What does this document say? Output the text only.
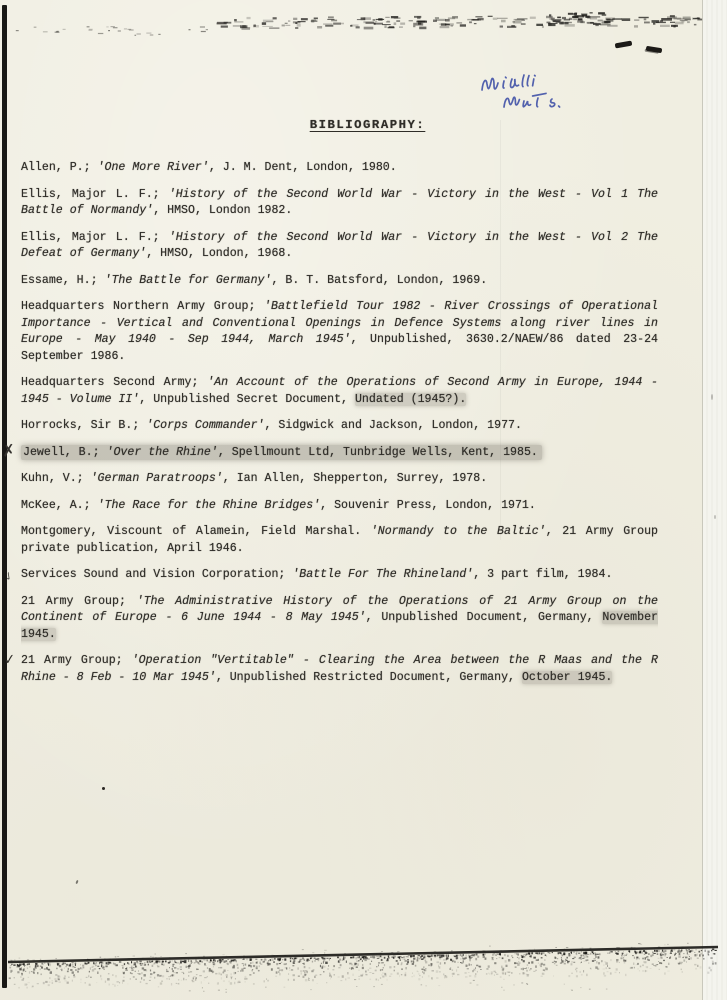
BIBLIOGRAPHY:

Allen, P.; 'One More River', J. M. Dent, London, 1980.

Ellis, Major L. F.; 'History of the Second World War - Victory in the West - Vol 1 The Battle of Normandy', HMSO, London 1982.

Ellis, Major L. F.; 'History of the Second World War - Victory in the West - Vol 2 The Defeat of Germany', HMSO, London, 1968.

Essame, H.; 'The Battle for Germany', B. T. Batsford, London, 1969.

Headquarters Northern Army Group; 'Battlefield Tour 1982 - River Crossings of Operational Importance - Vertical and Conventional Openings in Defence Systems along river lines in Europe - May 1940 - Sep 1944, March 1945', Unpublished, 3630.2/NAEW/86 dated 23-24 September 1986.

Headquarters Second Army; 'An Account of the Operations of Second Army in Europe, 1944 - 1945 - Volume II', Unpublished Secret Document, Undated (1945?).

Horrocks, Sir B.; 'Corps Commander', Sidgwick and Jackson, London, 1977.

✗ Jewell, B.; 'Over the Rhine', Spellmount Ltd, Tunbridge Wells, Kent, 1985.

Kuhn, V.; 'German Paratroops', Ian Allen, Shepperton, Surrey, 1978.

McKee, A.; 'The Race for the Rhine Bridges', Souvenir Press, London, 1971.

Montgomery, Viscount of Alamein, Field Marshal. 'Normandy to the Baltic', 21 Army Group private publication, April 1946.

✓ Services Sound and Vision Corporation; 'Battle For The Rhineland', 3 part film, 1984.

21 Army Group; 'The Administrative History of the Operations of 21 Army Group on the Continent of Europe - 6 June 1944 - 8 May 1945', Unpublished Document, Germany, November 1945.

✓ 21 Army Group; 'Operation "Vertitable" - Clearing the Area between the R Maas and the R Rhine - 8 Feb - 10 Mar 1945', Unpublished Restricted Document, Germany, October 1945.
